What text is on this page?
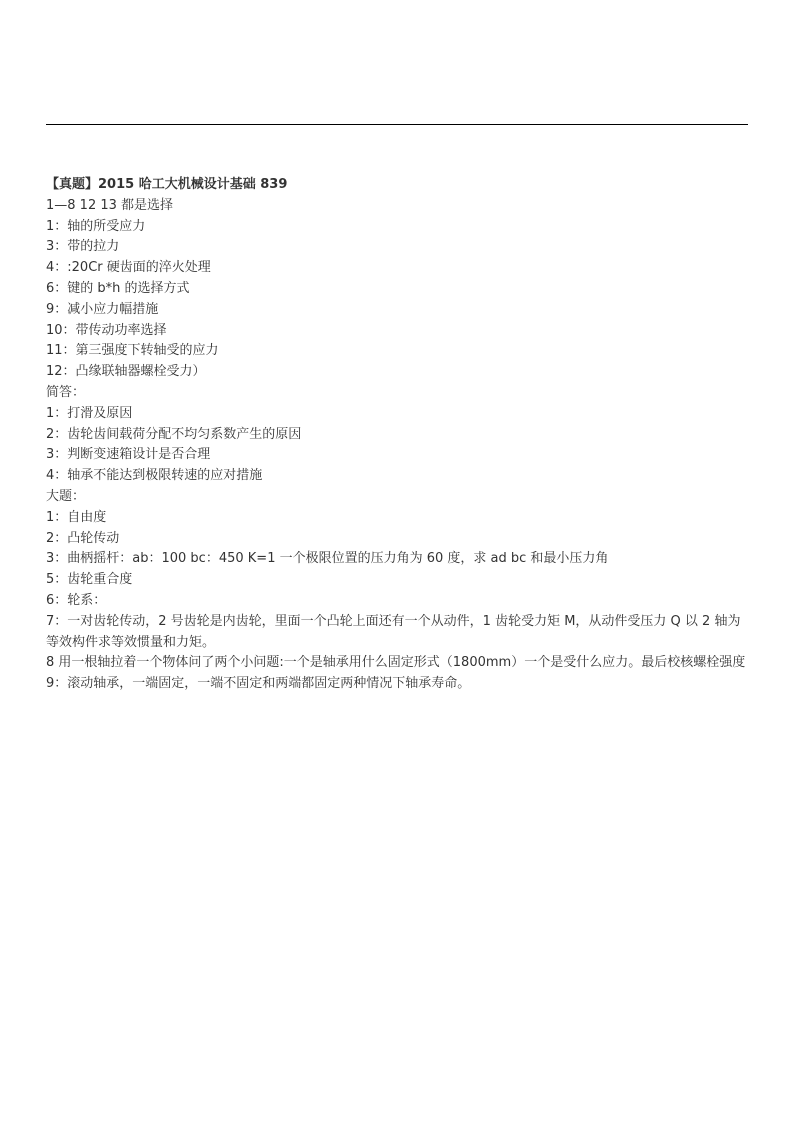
【真题】2015 哈工大机械设计基础 839
1—8 12 13 都是选择
1：轴的所受应力
3：带的拉力
4：:20Cr 硬齿面的淬火处理
6：键的 b*h 的选择方式
9：减小应力幅措施
10：带传动功率选择
11：第三强度下转轴受的应力
12：凸缘联轴器螺栓受力）
简答：
1：打滑及原因
2：齿轮齿间载荷分配不均匀系数产生的原因
3：判断变速箱设计是否合理
4：轴承不能达到极限转速的应对措施
大题：
1：自由度
2：凸轮传动
3：曲柄摇杆：ab：100 bc：450 K=1 一个极限位置的压力角为 60 度，求 ad bc 和最小压力角
5：齿轮重合度
6：轮系：
7：一对齿轮传动，2 号齿轮是内齿轮，里面一个凸轮上面还有一个从动件，1 齿轮受力矩 M，从动件受压力 Q 以 2 轴为等效构件求等效惯量和力矩。
8 用一根轴拉着一个物体问了两个小问题:一个是轴承用什么固定形式（1800mm）一个是受什么应力。最后校核螺栓强度
9：滚动轴承，一端固定，一端不固定和两端都固定两种情况下轴承寿命。
